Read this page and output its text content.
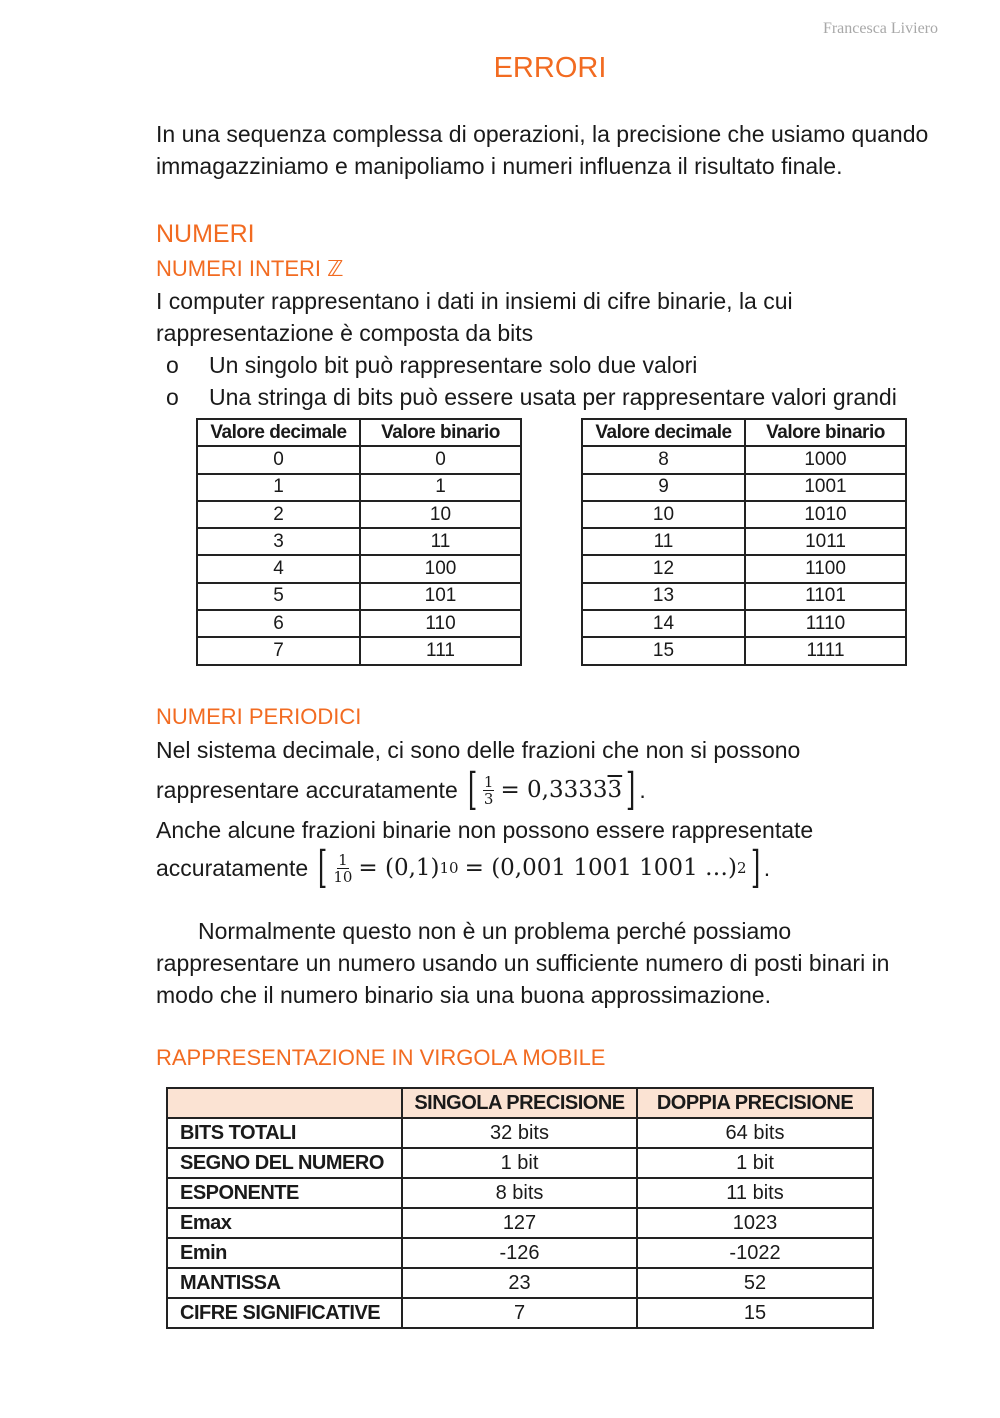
Francesca Liviero
ERRORI
In una sequenza complessa di operazioni, la precisione che usiamo quando
immagazziniamo e manipoliamo i numeri influenza il risultato finale.
NUMERI
NUMERI INTERI ℤ
I computer rappresentano i dati in insiemi di cifre binarie, la cui
rappresentazione è composta da bits
o	Un singolo bit può rappresentare solo due valori
o	Una stringa di bits può essere usata per rappresentare valori grandi
Valore decimale	Valore binario
0	0
1	1
2	10
3	11
4	100
5	101
6	110
7	111
Valore decimale	Valore binario
8	1000
9	1001
10	1010
11	1011
12	1100
13	1101
14	1110
15	1111
NUMERI PERIODICI
Nel sistema decimale, ci sono delle frazioni che non si possono
rappresentare accuratamente [ $\frac{1}{3} = 0,3333$ 3 ] .
Anche alcune frazioni binarie non possono essere rappresentate
accuratamente [ $\frac{1}{10} = (0,1) 10 = (0,001$ 1001 1001 …) 2 ] .
Normalmente questo non è un problema perché possiamo
rappresentare un numero usando un sufficiente numero di posti binari in
modo che il numero binario sia una buona approssimazione.
RAPPRESENTAZIONE IN VIRGOLA MOBILE
	SINGOLA PRECISIONE	DOPPIA PRECISIONE
BITS TOTALI	32 bits	64 bits
SEGNO DEL NUMERO	1 bit	1 bit
ESPONENTE	8 bits	11 bits
Emax	127	1023
Emin	-126	-1022
MANTISSA	23	52
CIFRE SIGNIFICATIVE	7	15
